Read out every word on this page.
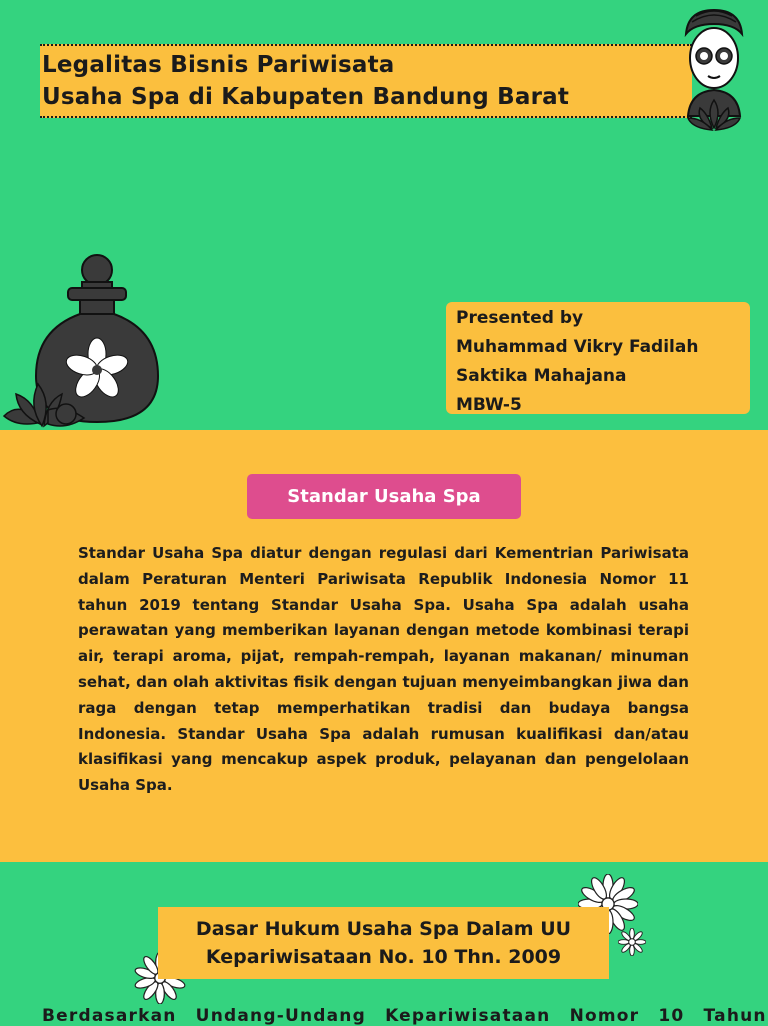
Legalitas Bisnis Pariwisata
Usaha Spa di Kabupaten Bandung Barat
Presented by
Muhammad Vikry Fadilah
Saktika Mahajana
MBW-5
Standar Usaha Spa
Standar Usaha Spa diatur dengan regulasi dari Kementrian Pariwisata dalam Peraturan Menteri Pariwisata Republik Indonesia Nomor 11 tahun 2019 tentang Standar Usaha Spa. Usaha Spa adalah usaha perawatan yang memberikan layanan dengan metode kombinasi terapi air, terapi aroma, pijat, rempah-rempah, layanan makanan/ minuman sehat, dan olah aktivitas fisik dengan tujuan menyeimbangkan jiwa dan raga dengan tetap memperhatikan tradisi dan budaya bangsa Indonesia. Standar Usaha Spa adalah rumusan kualifikasi dan/atau klasifikasi yang mencakup aspek produk, pelayanan dan pengelolaan Usaha Spa.
Dasar Hukum Usaha Spa Dalam UU
Kepariwisataan No. 10 Thn. 2009
Berdasarkan Undang-Undang Kepariwisataan Nomor 10 Tahun
